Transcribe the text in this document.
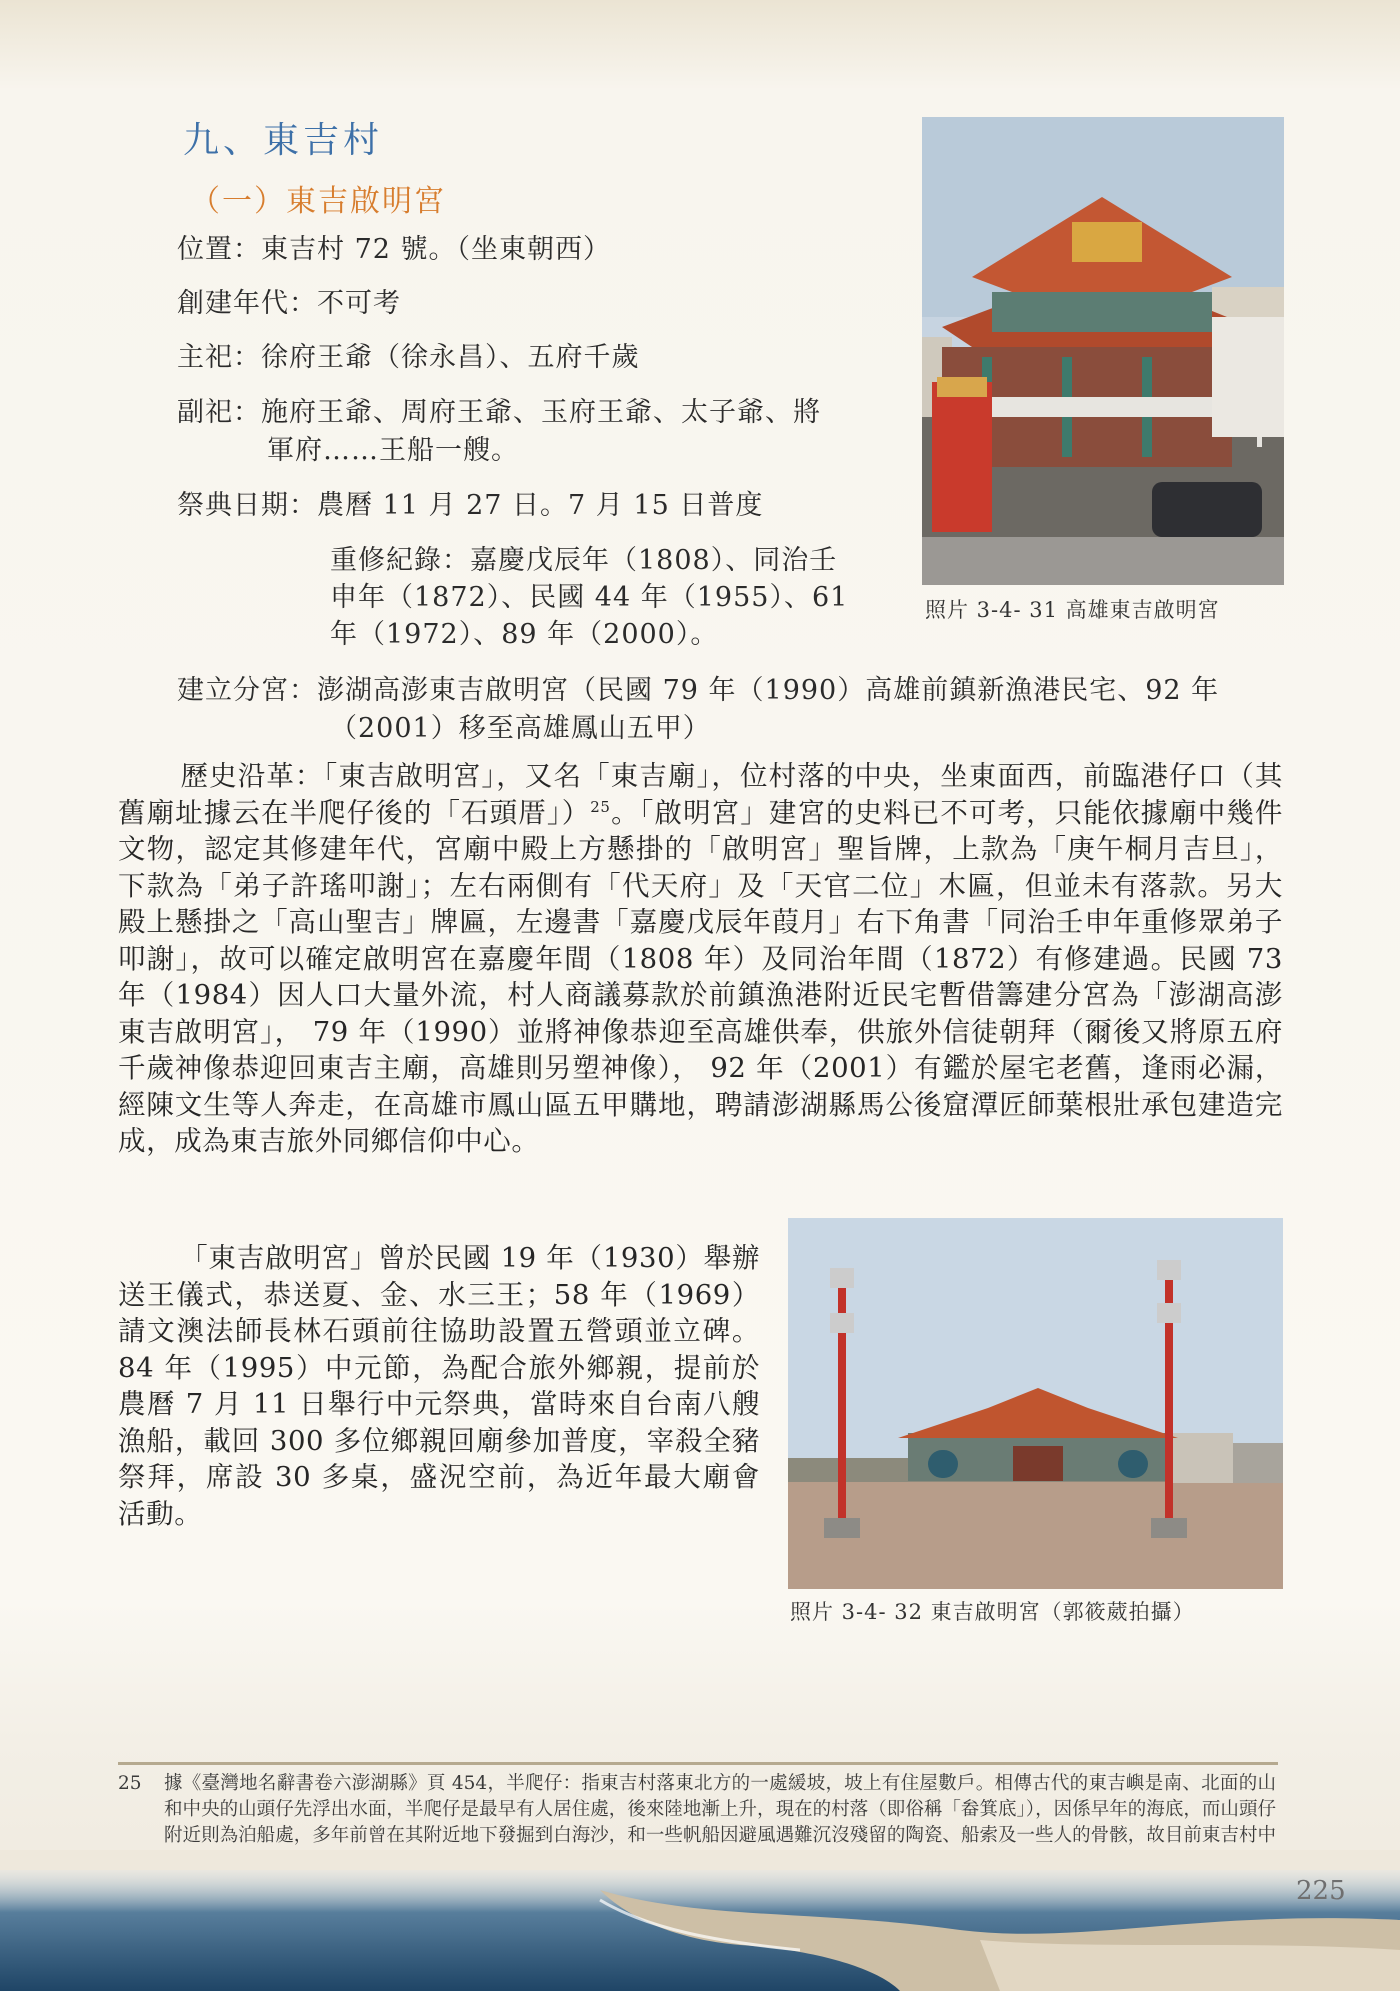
九、東吉村
（一）東吉啟明宮
位置：東吉村 72 號。（坐東朝西）
創建年代：不可考
主祀：徐府王爺（徐永昌）、五府千歲
副祀：施府王爺、周府王爺、玉府王爺、太子爺、將
軍府……王船一艘。
祭典日期：農曆 11 月 27 日。7 月 15 日普度
重修紀錄：嘉慶戊辰年（1808）、同治壬
申年（1872）、民國 44 年（1955）、61
年（1972）、89 年（2000）。
建立分宮：澎湖高澎東吉啟明宮（民國 79 年（1990）高雄前鎮新漁港民宅、92 年
（2001）移至高雄鳳山五甲）
照片 3-4- 31 高雄東吉啟明宮

歷史沿革：「東吉啟明宮」，又名「東吉廟」，位村落的中央，坐東面西，前臨港仔口（其舊廟址據云在半爬仔後的「石頭厝」）$^{25}$。「啟明宮」建宮的史料已不可考，只能依據廟中幾件文物，認定其修建年代，宮廟中殿上方懸掛的「啟明宮」聖旨牌，上款為「庚午桐月吉旦」，下款為「弟子許瑤叩謝」；左右兩側有「代天府」及「天官二位」木匾，但並未有落款。另大殿上懸掛之「高山聖吉」牌匾，左邊書「嘉慶戊辰年葭月」右下角書「同治壬申年重修眾弟子叩謝」，故可以確定啟明宮在嘉慶年間（1808 年）及同治年間（1872）有修建過。民國 73 年（1984）因人口大量外流，村人商議募款於前鎮漁港附近民宅暫借籌建分宮為「澎湖高澎東吉啟明宮」， 79 年（1990）並將神像恭迎至高雄供奉，供旅外信徒朝拜（爾後又將原五府千歲神像恭迎回東吉主廟，高雄則另塑神像）， 92 年（2001）有鑑於屋宅老舊，逢雨必漏，經陳文生等人奔走，在高雄市鳳山區五甲購地，聘請澎湖縣馬公後窟潭匠師葉根壯承包建造完成，成為東吉旅外同鄉信仰中心。

「東吉啟明宮」曾於民國 19 年（1930）舉辦送王儀式，恭送夏、金、水三王；58 年（1969）請文澳法師長林石頭前往協助設置五營頭並立碑。84 年（1995）中元節，為配合旅外鄉親，提前於農曆 7 月 11 日舉行中元祭典，當時來自台南八艘漁船，載回 300 多位鄉親回廟參加普度，宰殺全豬祭拜，席設 30 多桌，盛況空前，為近年最大廟會活動。

照片 3-4- 32 東吉啟明宮（郭筱葳拍攝）
25 據《臺灣地名辭書卷六澎湖縣》頁 454，半爬仔：指東吉村落東北方的一處緩坡，坡上有住屋數戶。相傳古代的東吉嶼是南、北面的山和中央的山頭仔先浮出水面，半爬仔是最早有人居住處，後來陸地漸上升，現在的村落（即俗稱「畚箕底」），因係早年的海底，而山頭仔附近則為泊船處，多年前曾在其附近地下發掘到白海沙，和一些帆船因避風遇難沉沒殘留的陶瓷、船索及一些人的骨骸，故目前東吉村中
225
